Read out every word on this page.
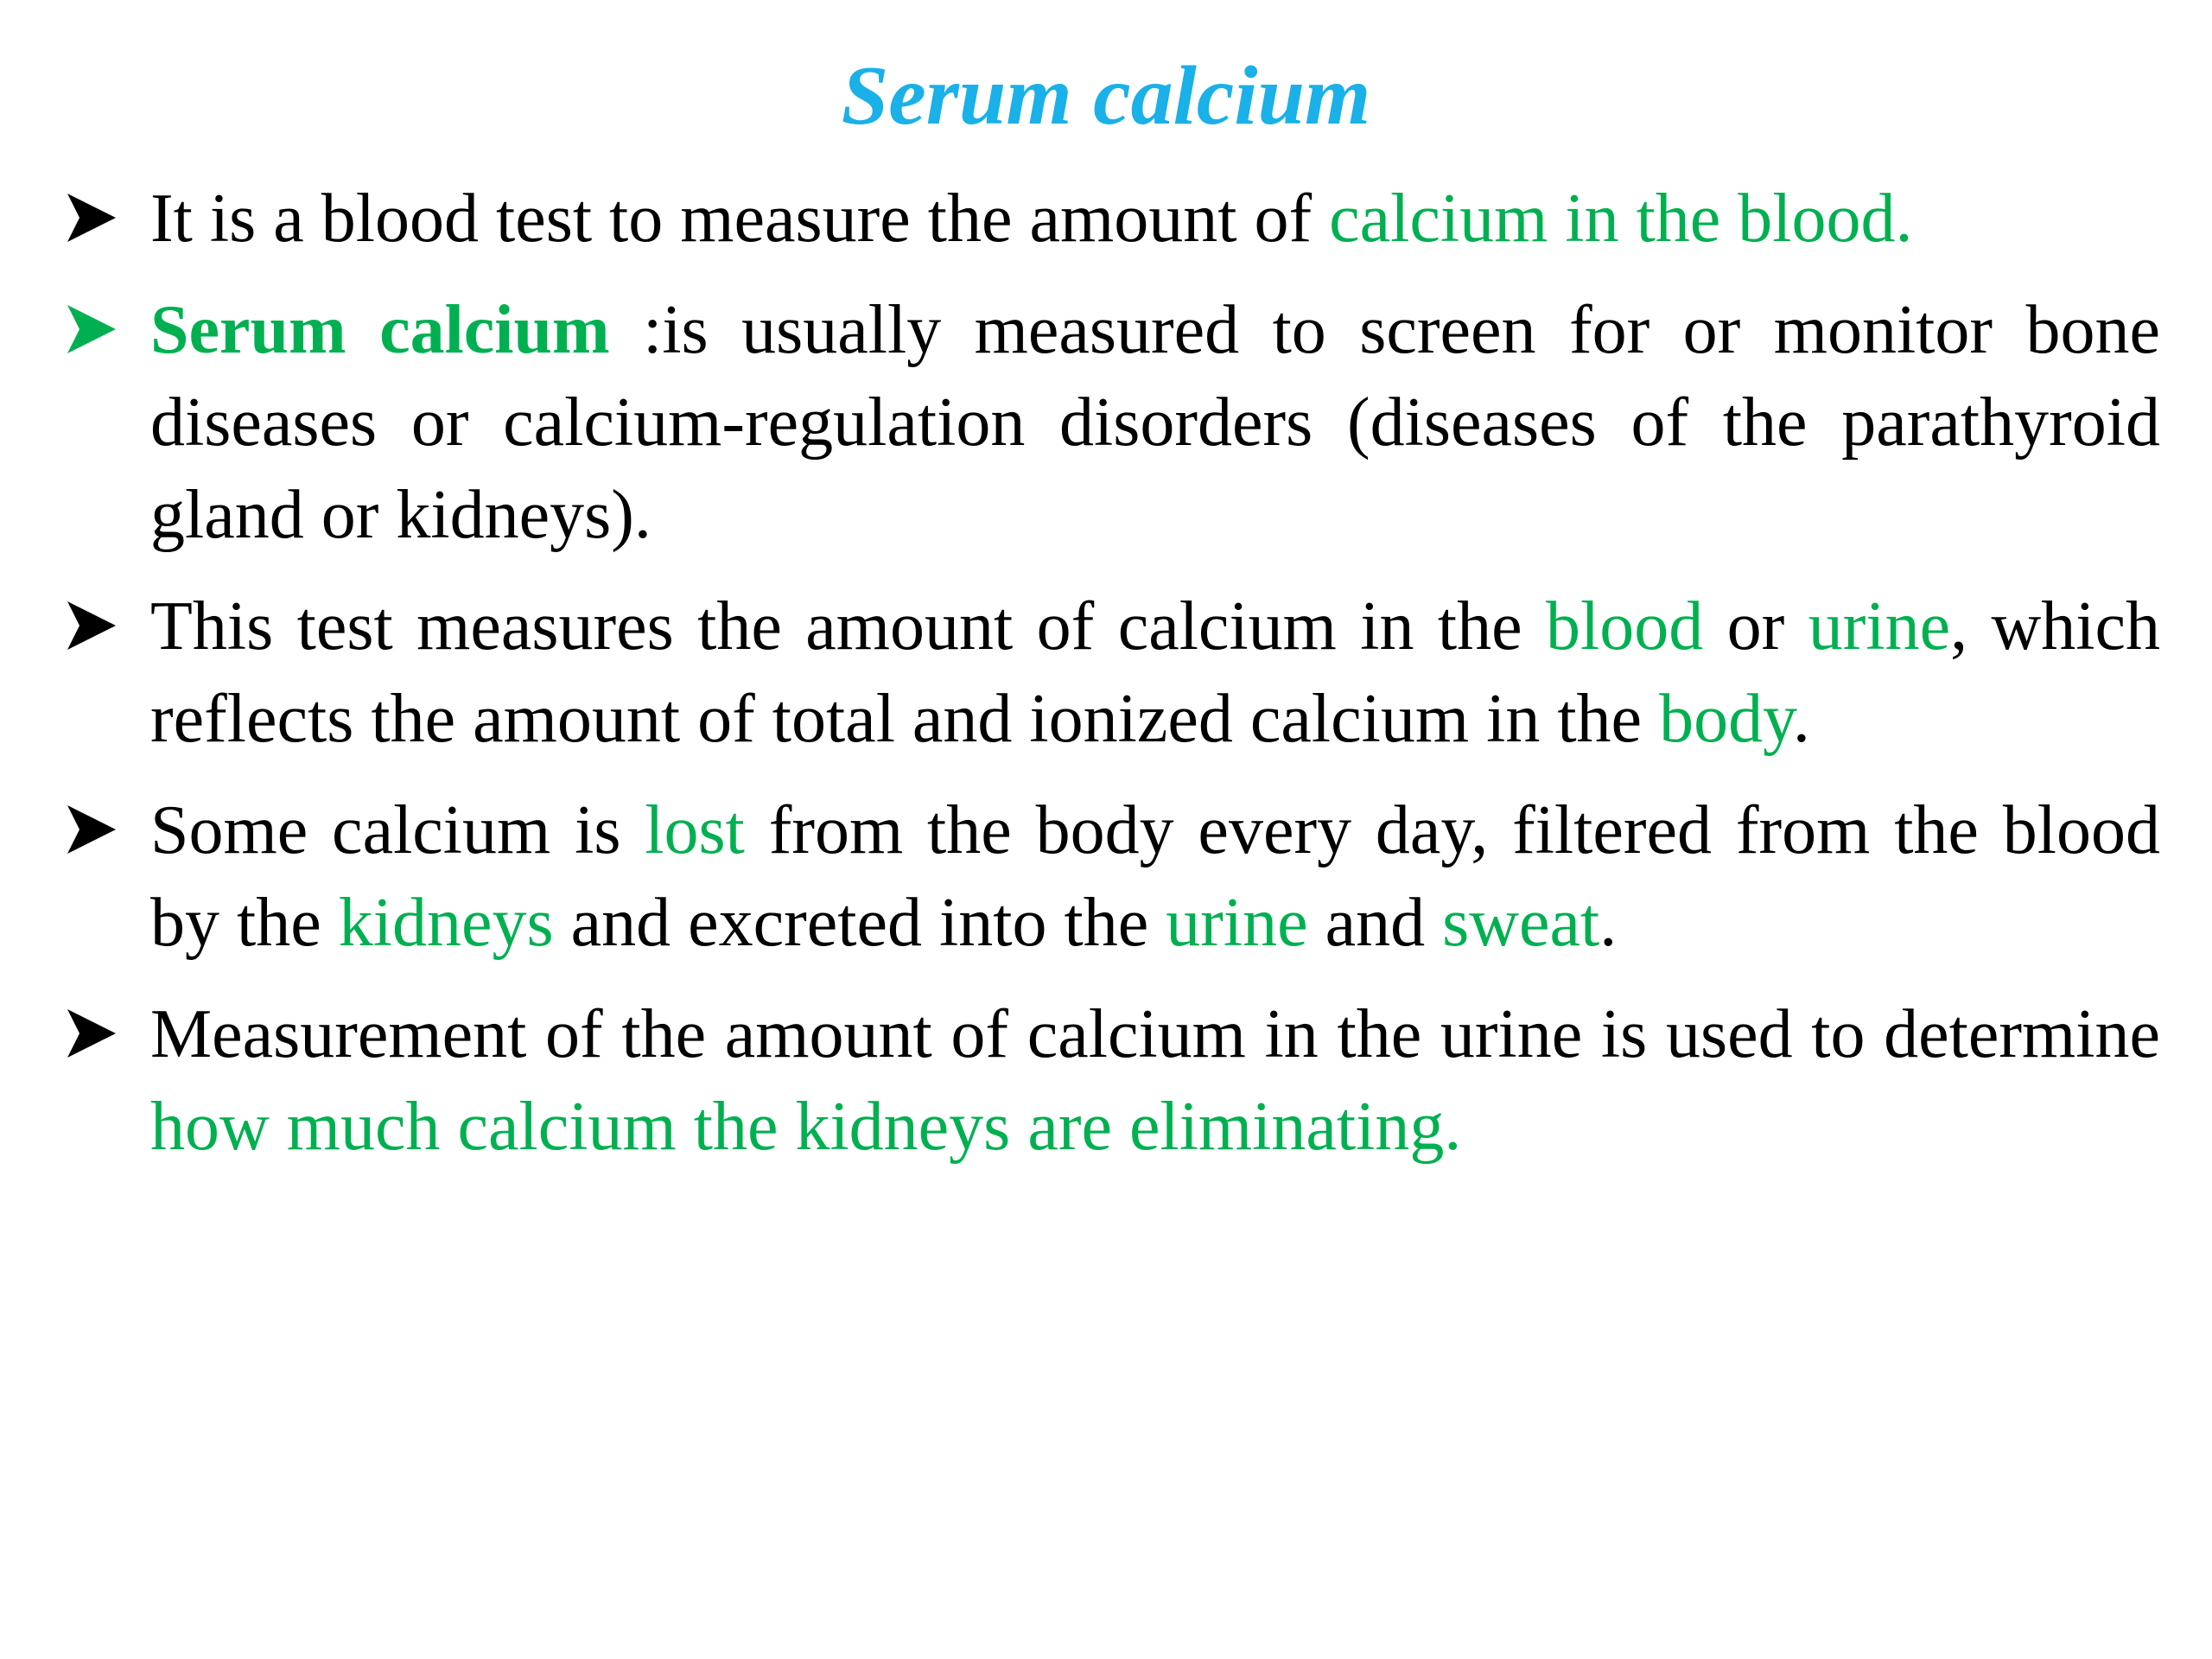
Serum calcium
It is a blood test to measure the amount of calcium in the blood.
Serum calcium :is usually measured to screen for or monitor bone diseases or calcium-regulation disorders (diseases of the parathyroid gland or kidneys).
This test measures the amount of calcium in the blood or urine, which reflects the amount of total and ionized calcium in the body.
Some calcium is lost from the body every day, filtered from the blood by the kidneys and excreted into the urine and sweat.
Measurement of the amount of calcium in the urine is used to determine how much calcium the kidneys are eliminating.
